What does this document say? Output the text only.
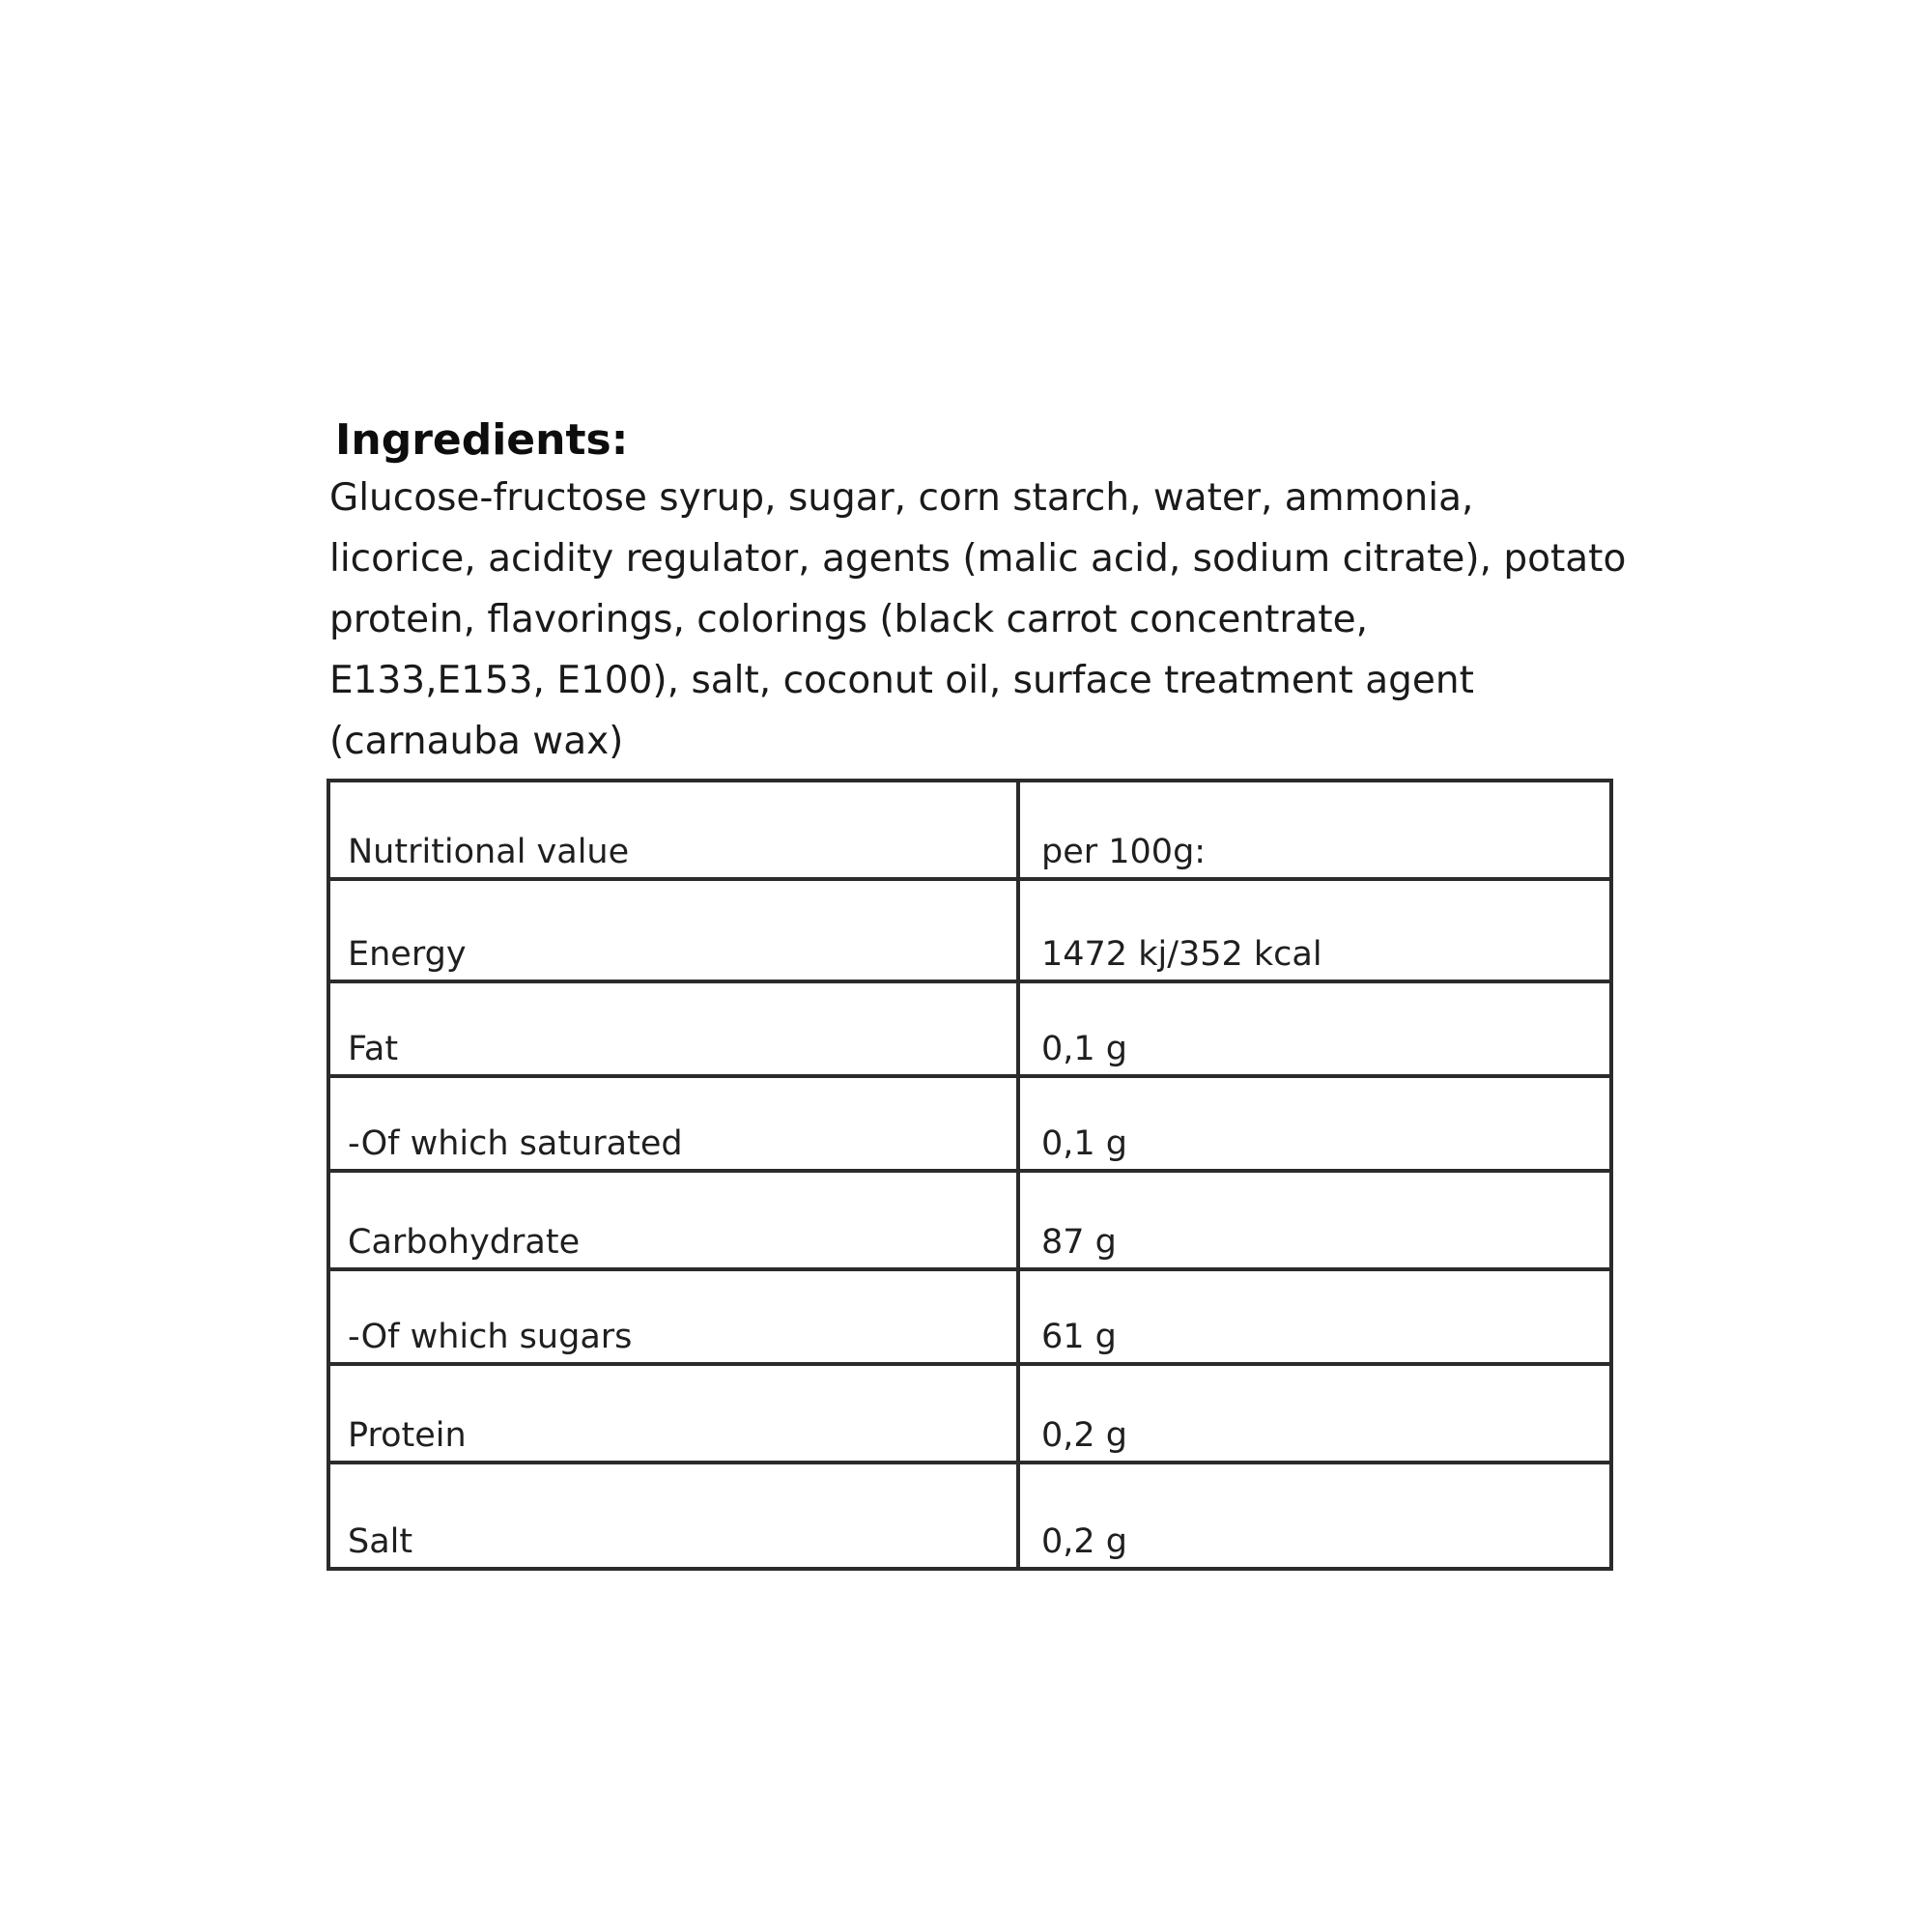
Ingredients:

Glucose-fructose syrup, sugar, corn starch, water, ammonia,
licorice, acidity regulator, agents (malic acid, sodium citrate), potato
protein, flavorings, colorings (black carrot concentrate,
E133,E153, E100), salt, coconut oil, surface treatment agent
(carnauba wax)

Nutritional value	per 100g:
Energy	1472 kj/352 kcal
Fat	0,1 g
-Of which saturated	0,1 g
Carbohydrate	87 g
-Of which sugars	61 g
Protein	0,2 g
Salt	0,2 g
